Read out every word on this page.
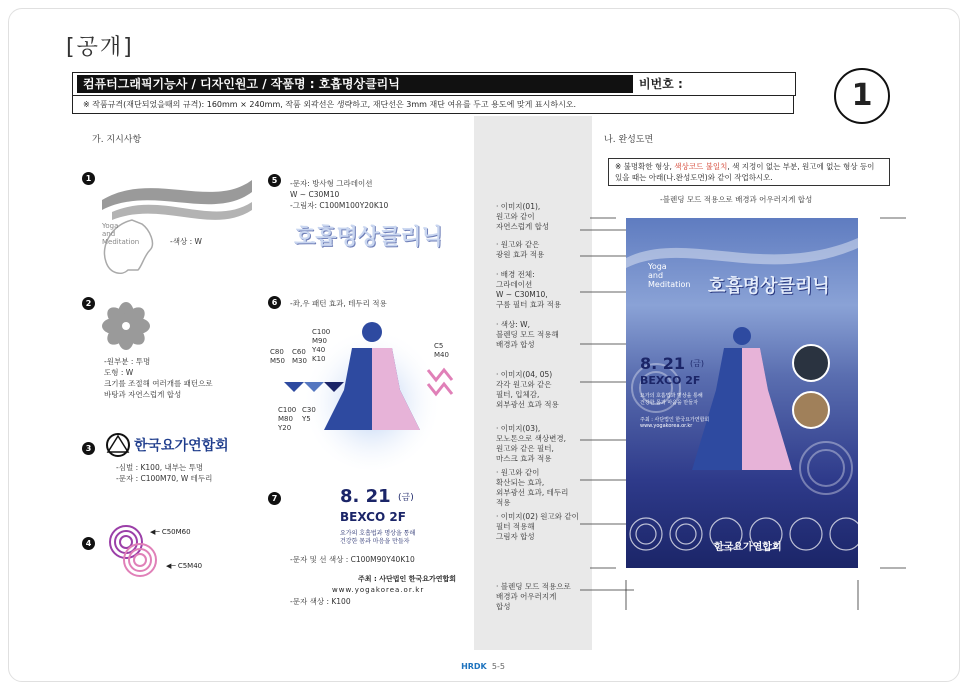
[공개]
컴퓨터그래픽기능사 / 디자인원고 / 작품명 : 호흡명상클리닉	비번호 :
※ 작품규격(재단되었을때의 규격): 160mm × 240mm, 작품 외곽선은 생략하고, 재단선은 3mm 재단 여유를 두고 용도에 맞게 표시하시오.	1
가. 지시사항	나. 완성도면
1
Yoga
and
Meditation	-색상 : W
2
-원부분 : 투명
도형 : W
크기를 조절해 여러개를 패턴으로
바탕과 자연스럽게 합성
3	한국요가연합회
-심벌 : K100, 내부는 투명
-문자 : C100M70, W 테두리
4
◀─ C50M60
◀─ C5M40
5	-문자: 방사형 그라데이션
W ~ C30M10
-그림자: C100M100Y20K10
호흡명상클리닉
6	-좌,우 패턴 효과, 테두리 적용
C100
M90
Y40
K10
C80
M50
C60
M30
C100
M80
Y20
C30
Y5
C5
M40
7	8. 21 (금)
BEXCO 2F
요가의 호흡법과 명상을 통해
건강한 몸과 마음을 만들자
-문자 및 선 색상 : C100M90Y40K10
주최 : 사단법인 한국요가연합회
www.yogakorea.or.kr
-문자 색상 : K100
· 이미지(01),
원고와 같이
자연스럽게 합성
· 원고와 같은
광원 효과 적용
· 배경 전체:
그라데이션
W ~ C30M10,
구름 필터 효과 적용
· 색상: W,
블렌딩 모드 적용해
배경과 합성
· 이미지(04, 05)
각각 원고와 같은
필터, 입체감,
외부광선 효과 적용
· 이미지(03),
모노톤으로 색상변경,
원고와 같은 필터,
마스크 효과 적용
· 원고와 같이
확산되는 효과,
외부광선 효과, 테두리
적용
· 이미지(02) 원고와 같이
필터 적용해
그림자 합성
· 블렌딩 모드 적용으로
배경과 어우러지게
합성
※ 불명확한 형상, 색상코드 불일치, 색 지정이 없는 부분, 원고에 없는 형상 등이
있을 때는 아래(나.완성도면)와 같이 작업하시오.
-블렌딩 모드 적용으로 배경과 어우러지게 합성
Yoga
and
Meditation 호흡명상클리닉
8. 21 (금)
BEXCO 2F
요가의 호흡법과 명상을 통해
건강한 몸과 마음을 만들자
주최 : 사단법인 한국요가연합회
www.yogakorea.or.kr
한국요가연합회
HRDK 5-5
